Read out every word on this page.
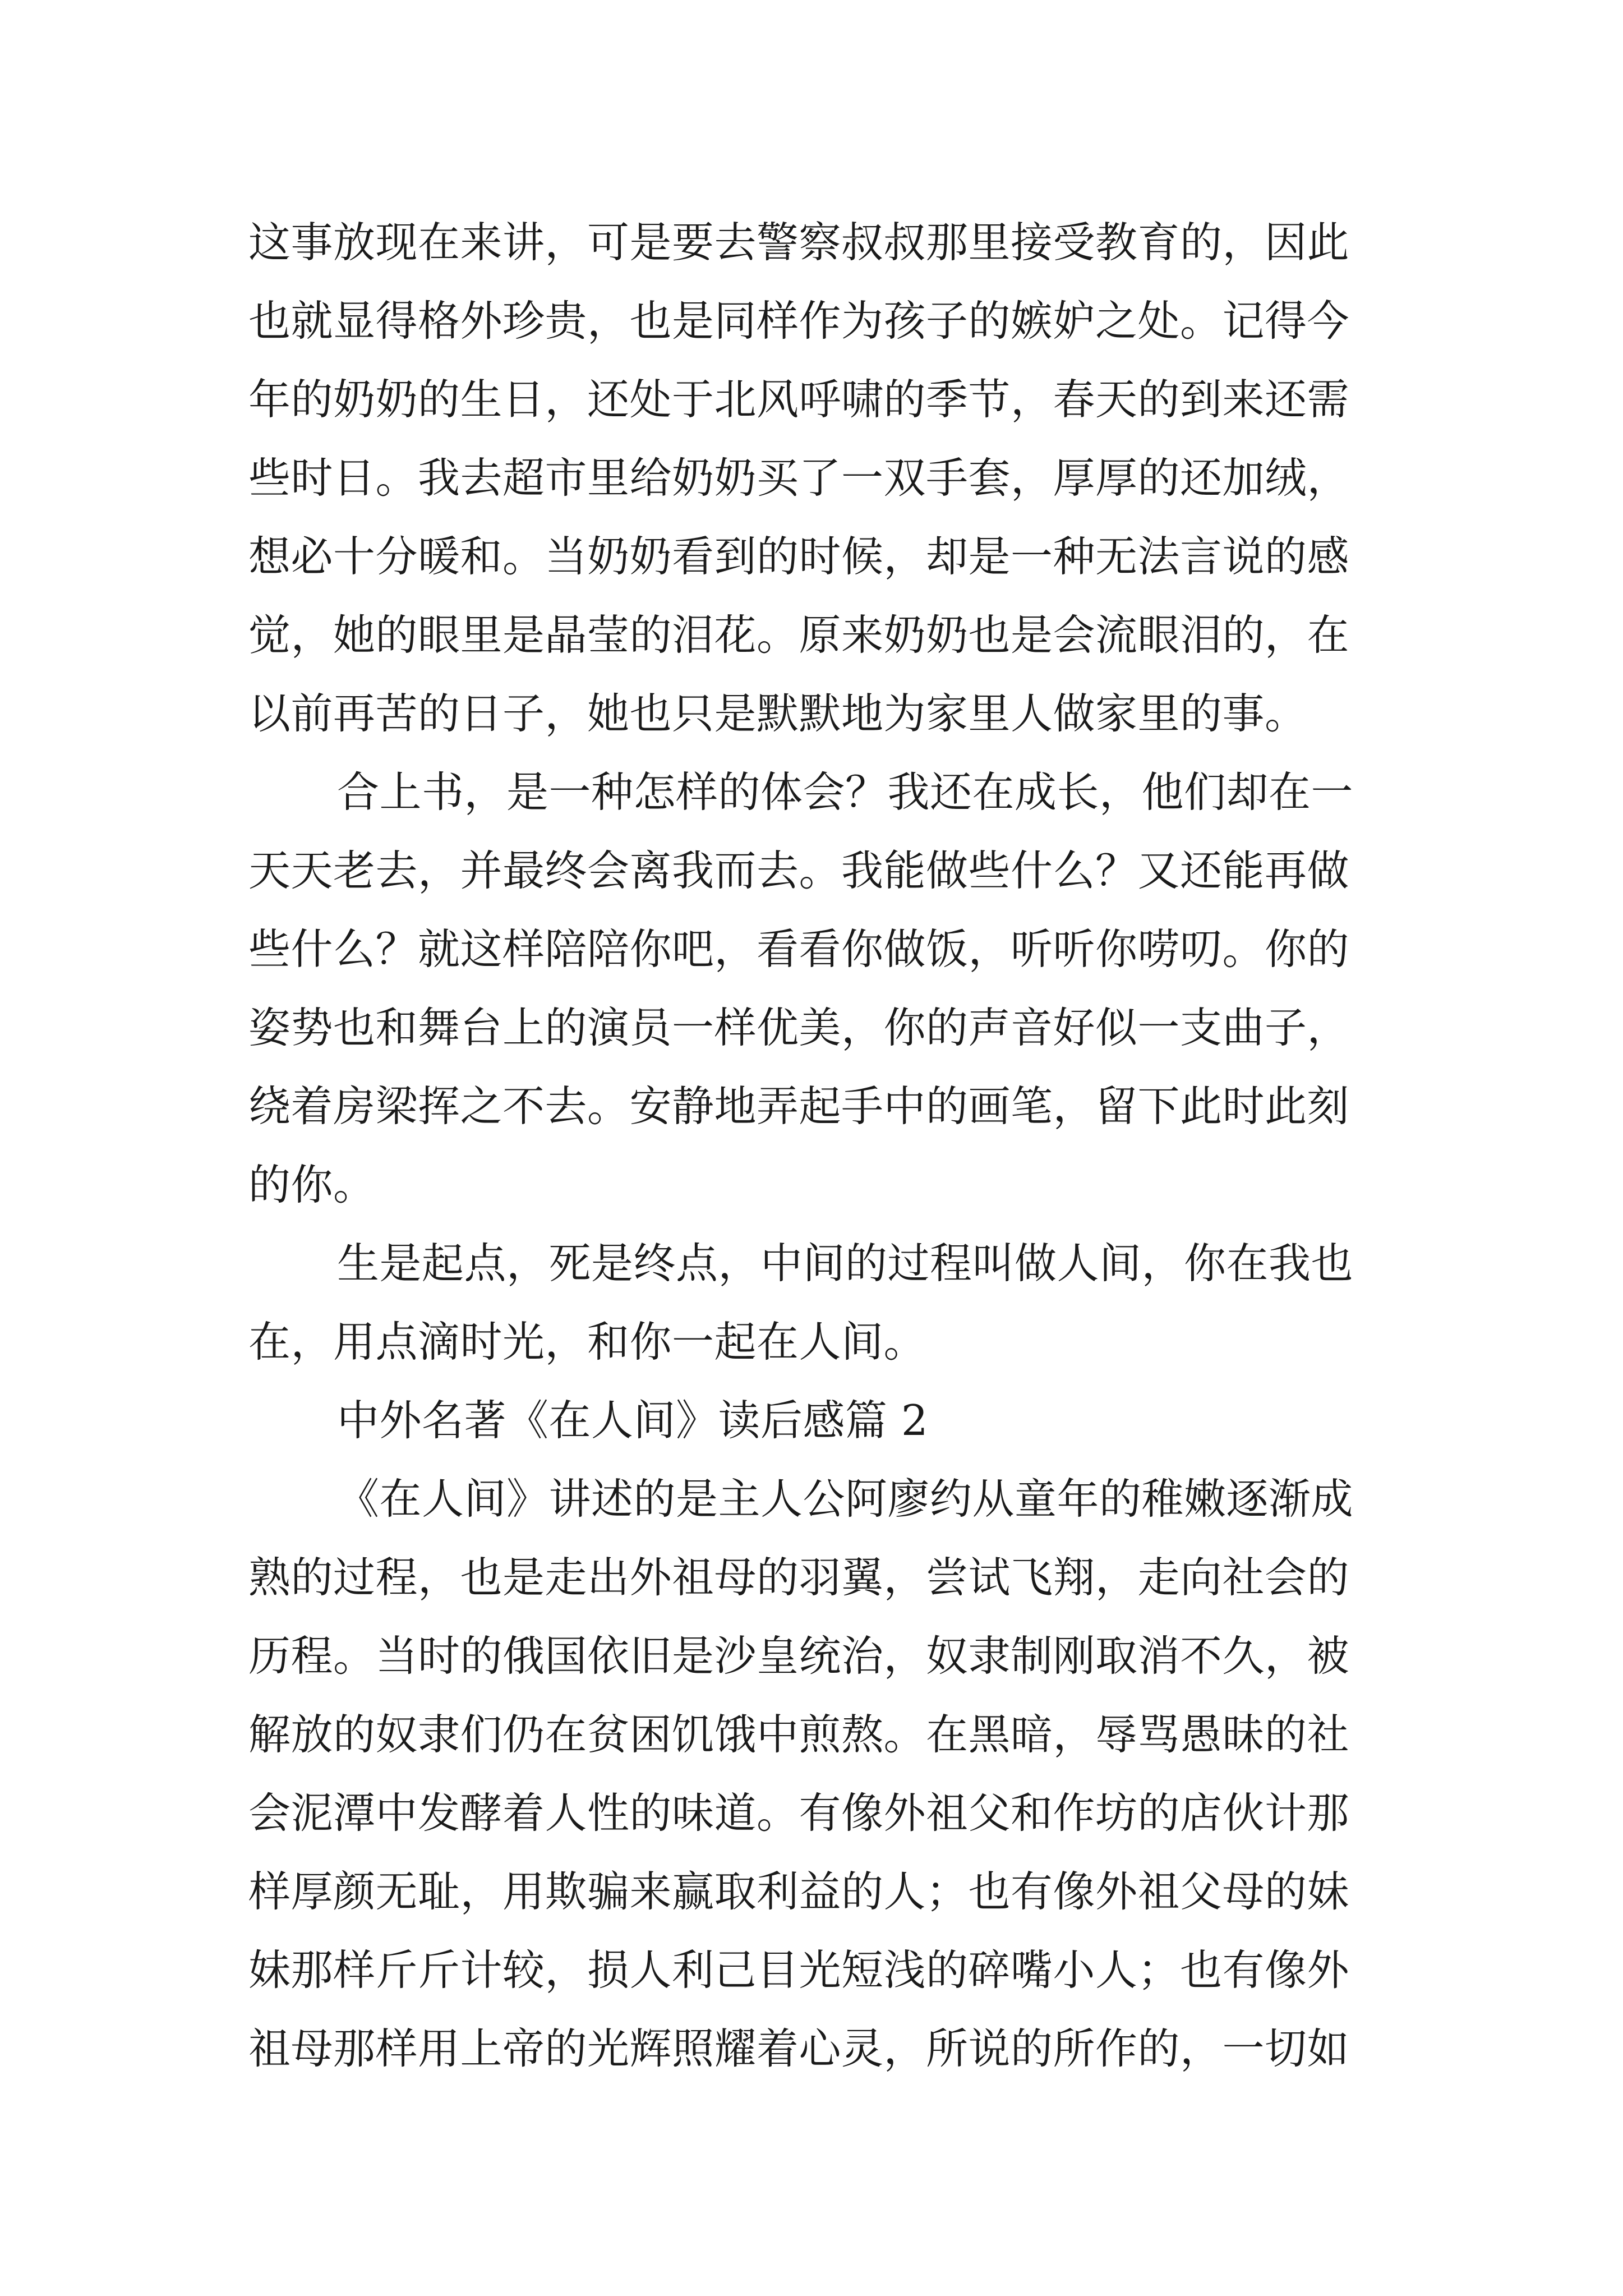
这事放现在来讲，可是要去警察叔叔那里接受教育的，因此
也就显得格外珍贵，也是同样作为孩子的嫉妒之处。记得今
年的奶奶的生日，还处于北风呼啸的季节，春天的到来还需
些时日。我去超市里给奶奶买了一双手套，厚厚的还加绒，
想必十分暖和。当奶奶看到的时候，却是一种无法言说的感
觉，她的眼里是晶莹的泪花。原来奶奶也是会流眼泪的，在
以前再苦的日子，她也只是默默地为家里人做家里的事。

合上书，是一种怎样的体会？我还在成长，他们却在一
天天老去，并最终会离我而去。我能做些什么？又还能再做
些什么？就这样陪陪你吧，看看你做饭，听听你唠叨。你的
姿势也和舞台上的演员一样优美，你的声音好似一支曲子，
绕着房梁挥之不去。安静地弄起手中的画笔，留下此时此刻
的你。

生是起点，死是终点，中间的过程叫做人间，你在我也
在，用点滴时光，和你一起在人间。

中外名著《在人间》读后感篇 2

《在人间》讲述的是主人公阿廖约从童年的稚嫩逐渐成
熟的过程，也是走出外祖母的羽翼，尝试飞翔，走向社会的
历程。当时的俄国依旧是沙皇统治，奴隶制刚取消不久，被
解放的奴隶们仍在贫困饥饿中煎熬。在黑暗，辱骂愚昧的社
会泥潭中发酵着人性的味道。有像外祖父和作坊的店伙计那
样厚颜无耻，用欺骗来赢取利益的人；也有像外祖父母的妹
妹那样斤斤计较，损人利己目光短浅的碎嘴小人；也有像外
祖母那样用上帝的光辉照耀着心灵，所说的所作的，一切如
